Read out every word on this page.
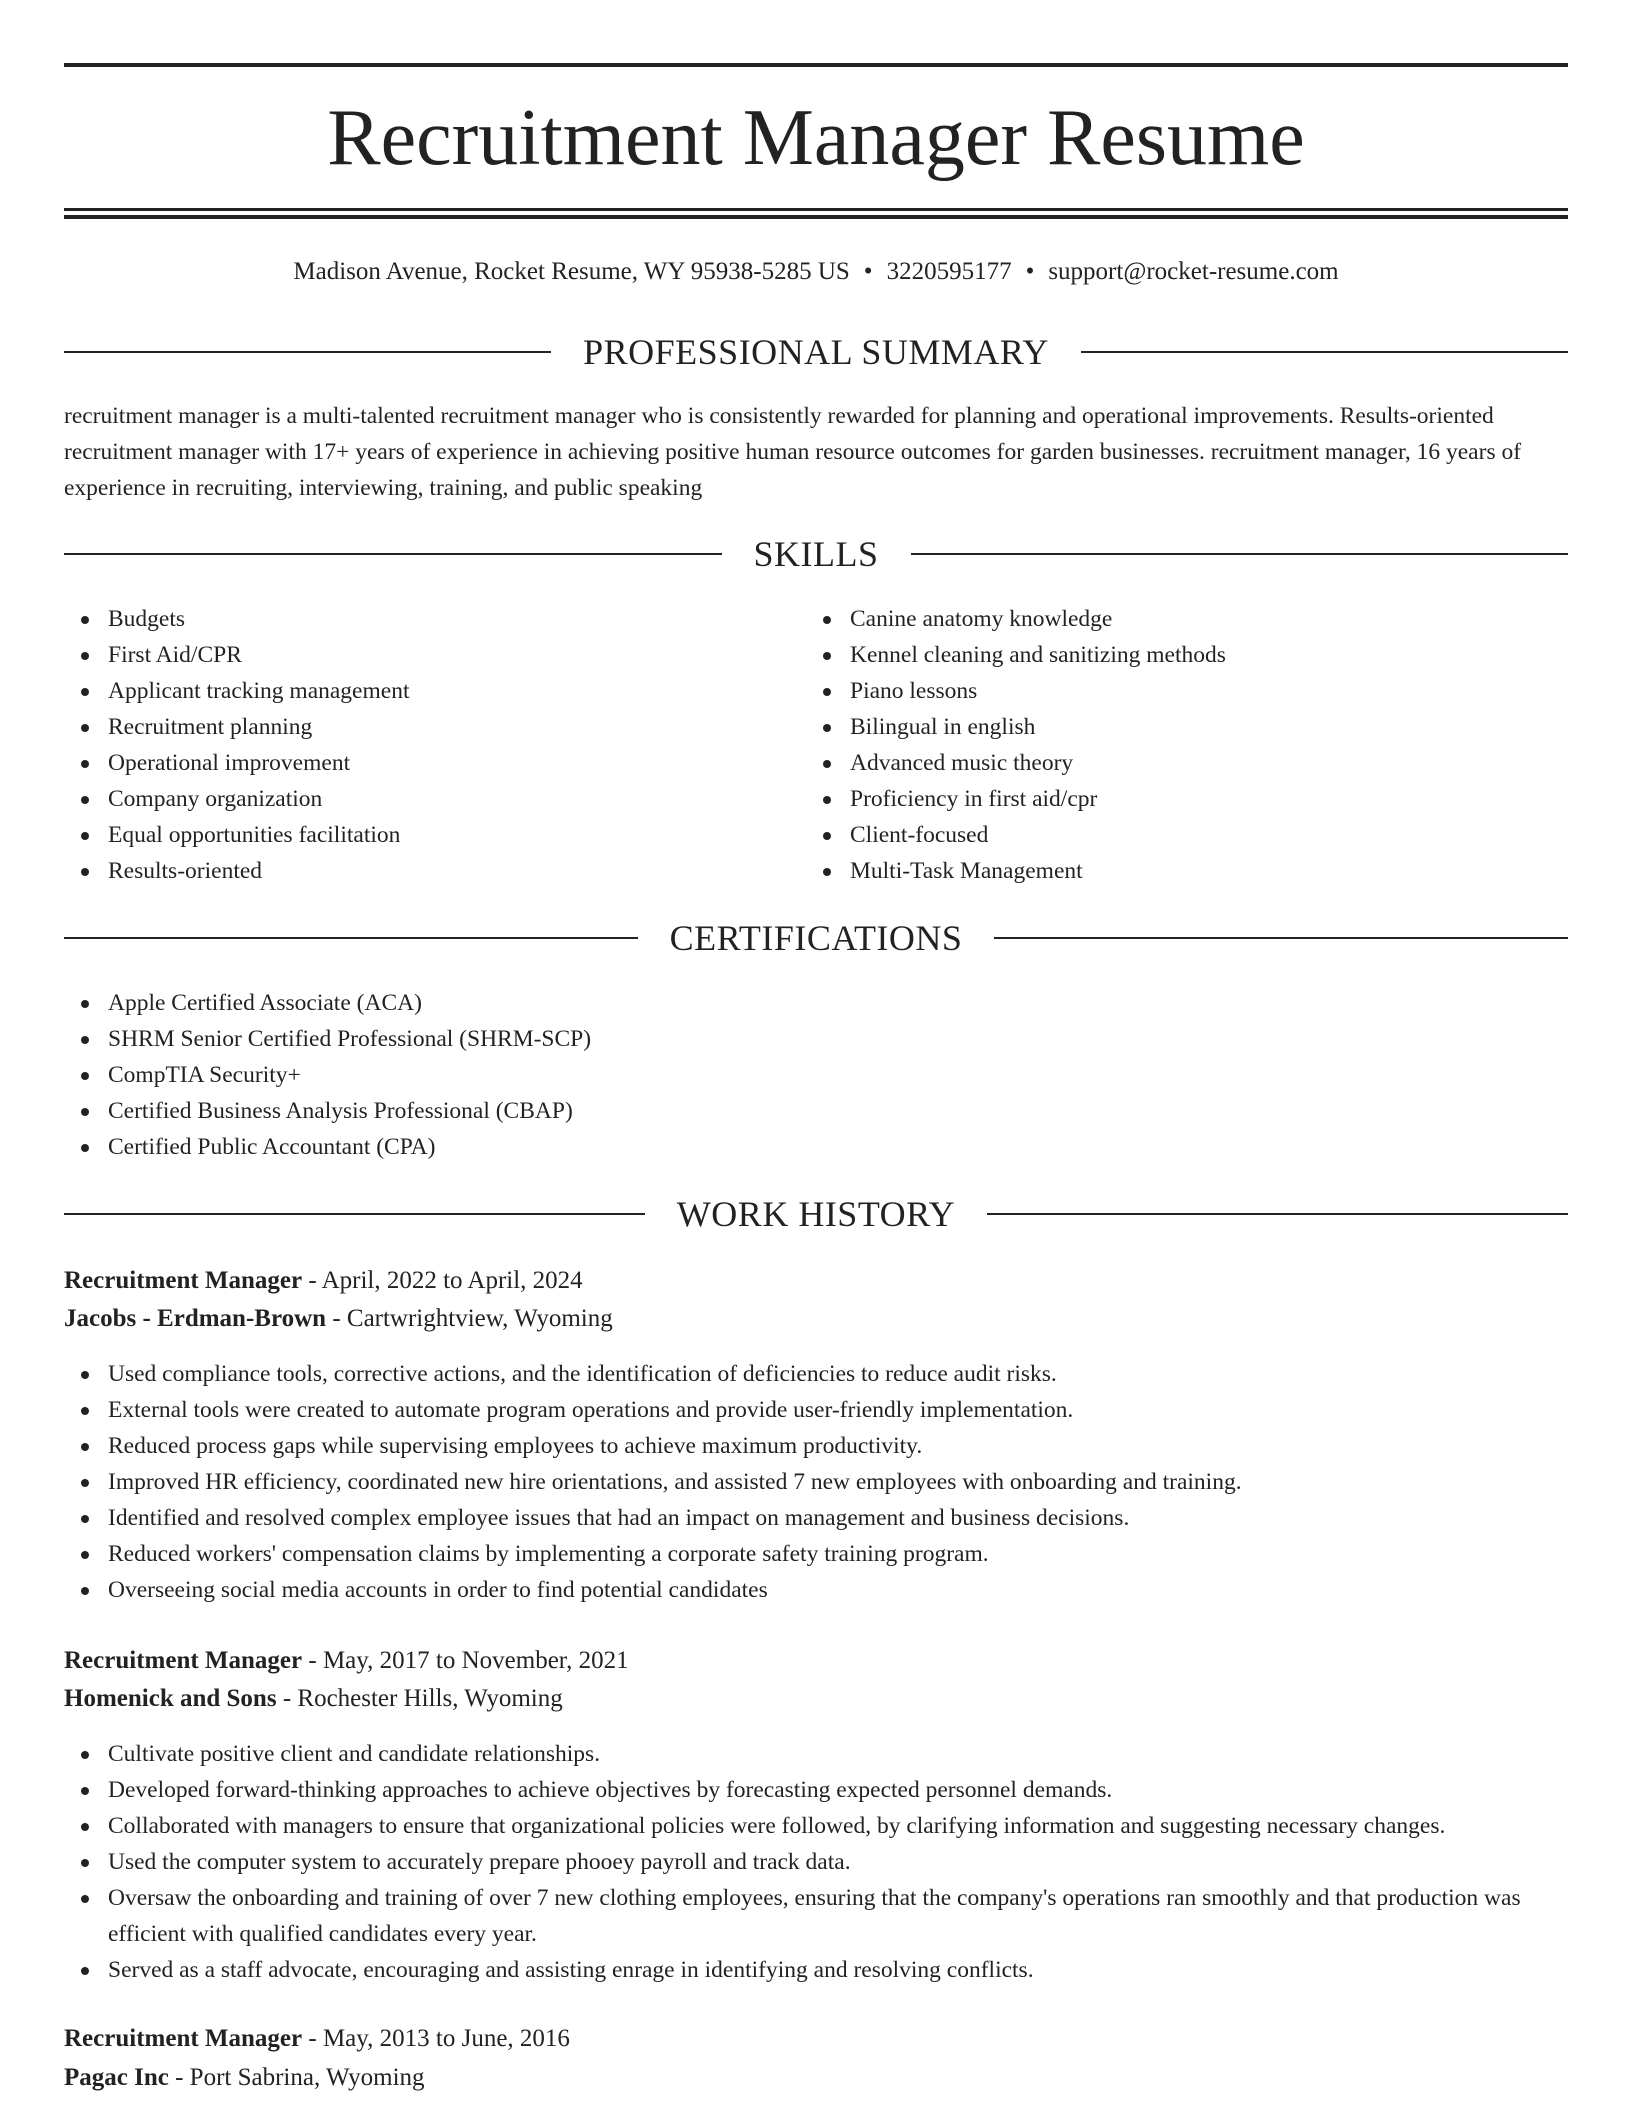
Recruitment Manager Resume
Madison Avenue, Rocket Resume, WY 95938-5285 US • 3220595177 • support@rocket-resume.com
PROFESSIONAL SUMMARY

recruitment manager is a multi-talented recruitment manager who is consistently rewarded for planning and operational improvements. Results-oriented recruitment manager with 17+ years of experience in achieving positive human resource outcomes for garden businesses. recruitment manager, 16 years of experience in recruiting, interviewing, training, and public speaking

SKILLS
Budgets
First Aid/CPR
Applicant tracking management
Recruitment planning
Operational improvement
Company organization
Equal opportunities facilitation
Results-oriented
Canine anatomy knowledge
Kennel cleaning and sanitizing methods
Piano lessons
Bilingual in english
Advanced music theory
Proficiency in first aid/cpr
Client-focused
Multi-Task Management
CERTIFICATIONS
Apple Certified Associate (ACA)
SHRM Senior Certified Professional (SHRM-SCP)
CompTIA Security+
Certified Business Analysis Professional (CBAP)
Certified Public Accountant (CPA)
WORK HISTORY
Recruitment Manager - April, 2022 to April, 2024
Jacobs - Erdman-Brown - Cartwrightview, Wyoming
Used compliance tools, corrective actions, and the identification of deficiencies to reduce audit risks.
External tools were created to automate program operations and provide user-friendly implementation.
Reduced process gaps while supervising employees to achieve maximum productivity.
Improved HR efficiency, coordinated new hire orientations, and assisted 7 new employees with onboarding and training.
Identified and resolved complex employee issues that had an impact on management and business decisions.
Reduced workers' compensation claims by implementing a corporate safety training program.
Overseeing social media accounts in order to find potential candidates
Recruitment Manager - May, 2017 to November, 2021
Homenick and Sons - Rochester Hills, Wyoming
Cultivate positive client and candidate relationships.
Developed forward-thinking approaches to achieve objectives by forecasting expected personnel demands.
Collaborated with managers to ensure that organizational policies were followed, by clarifying information and suggesting necessary changes.
Used the computer system to accurately prepare phooey payroll and track data.
Oversaw the onboarding and training of over 7 new clothing employees, ensuring that the company's operations ran smoothly and that production was efficient with qualified candidates every year.
Served as a staff advocate, encouraging and assisting enrage in identifying and resolving conflicts.
Recruitment Manager - May, 2013 to June, 2016
Pagac Inc - Port Sabrina, Wyoming
